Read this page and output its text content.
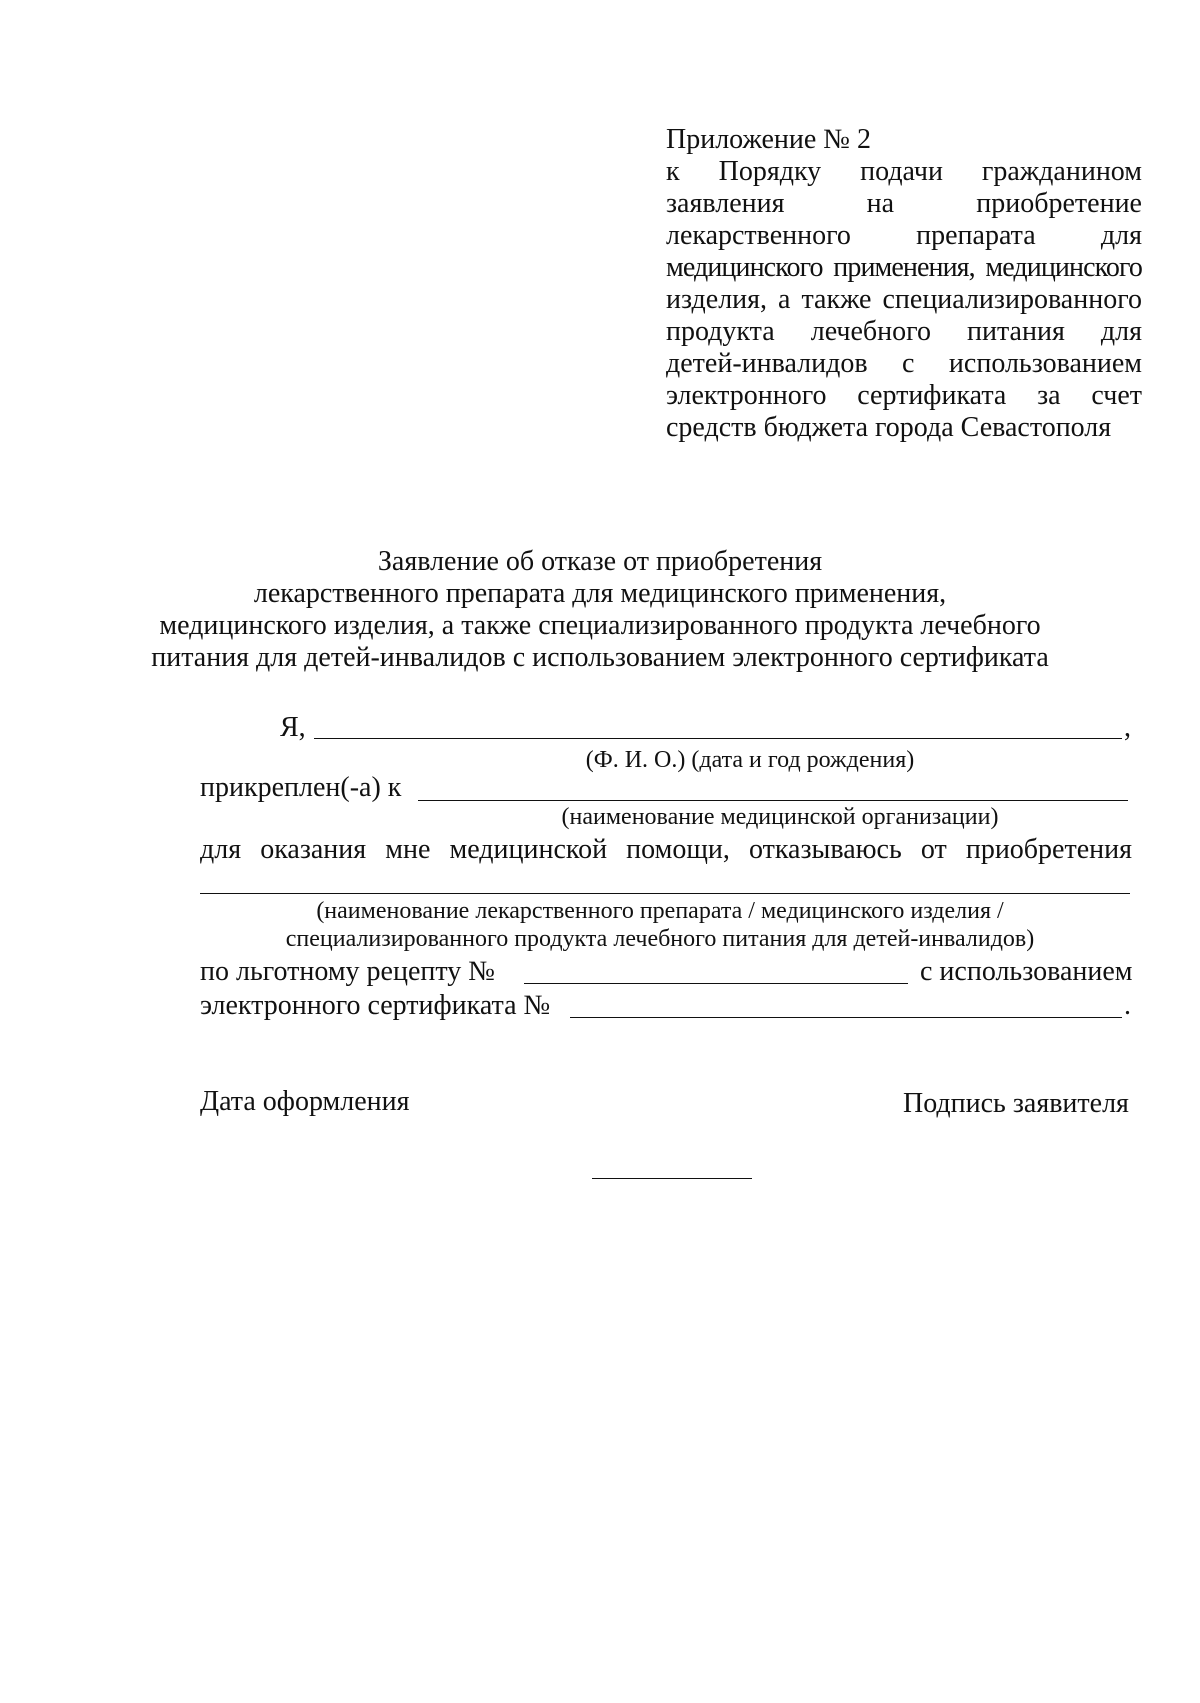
Приложение № 2
к Порядку подачи гражданином
заявления на приобретение
лекарственного препарата для
медицинского применения, медицинского
изделия, а также специализированного
продукта лечебного питания для
детей-инвалидов с использованием
электронного сертификата за счет
средств бюджета города Севастополя
Заявление об отказе от приобретения
лекарственного препарата для медицинского применения,
медицинского изделия, а также специализированного продукта лечебного
питания для детей-инвалидов с использованием электронного сертификата
Я,	,
(Ф. И. О.) (дата и год рождения)
прикреплен(-а) к
(наименование медицинской организации)
для оказания мне медицинской помощи, отказываюсь от приобретения
(наименование лекарственного препарата / медицинского изделия /
специализированного продукта лечебного питания для детей-инвалидов)
по льготному рецепту №	с использованием
электронного сертификата №	.
Дата оформления	Подпись заявителя
